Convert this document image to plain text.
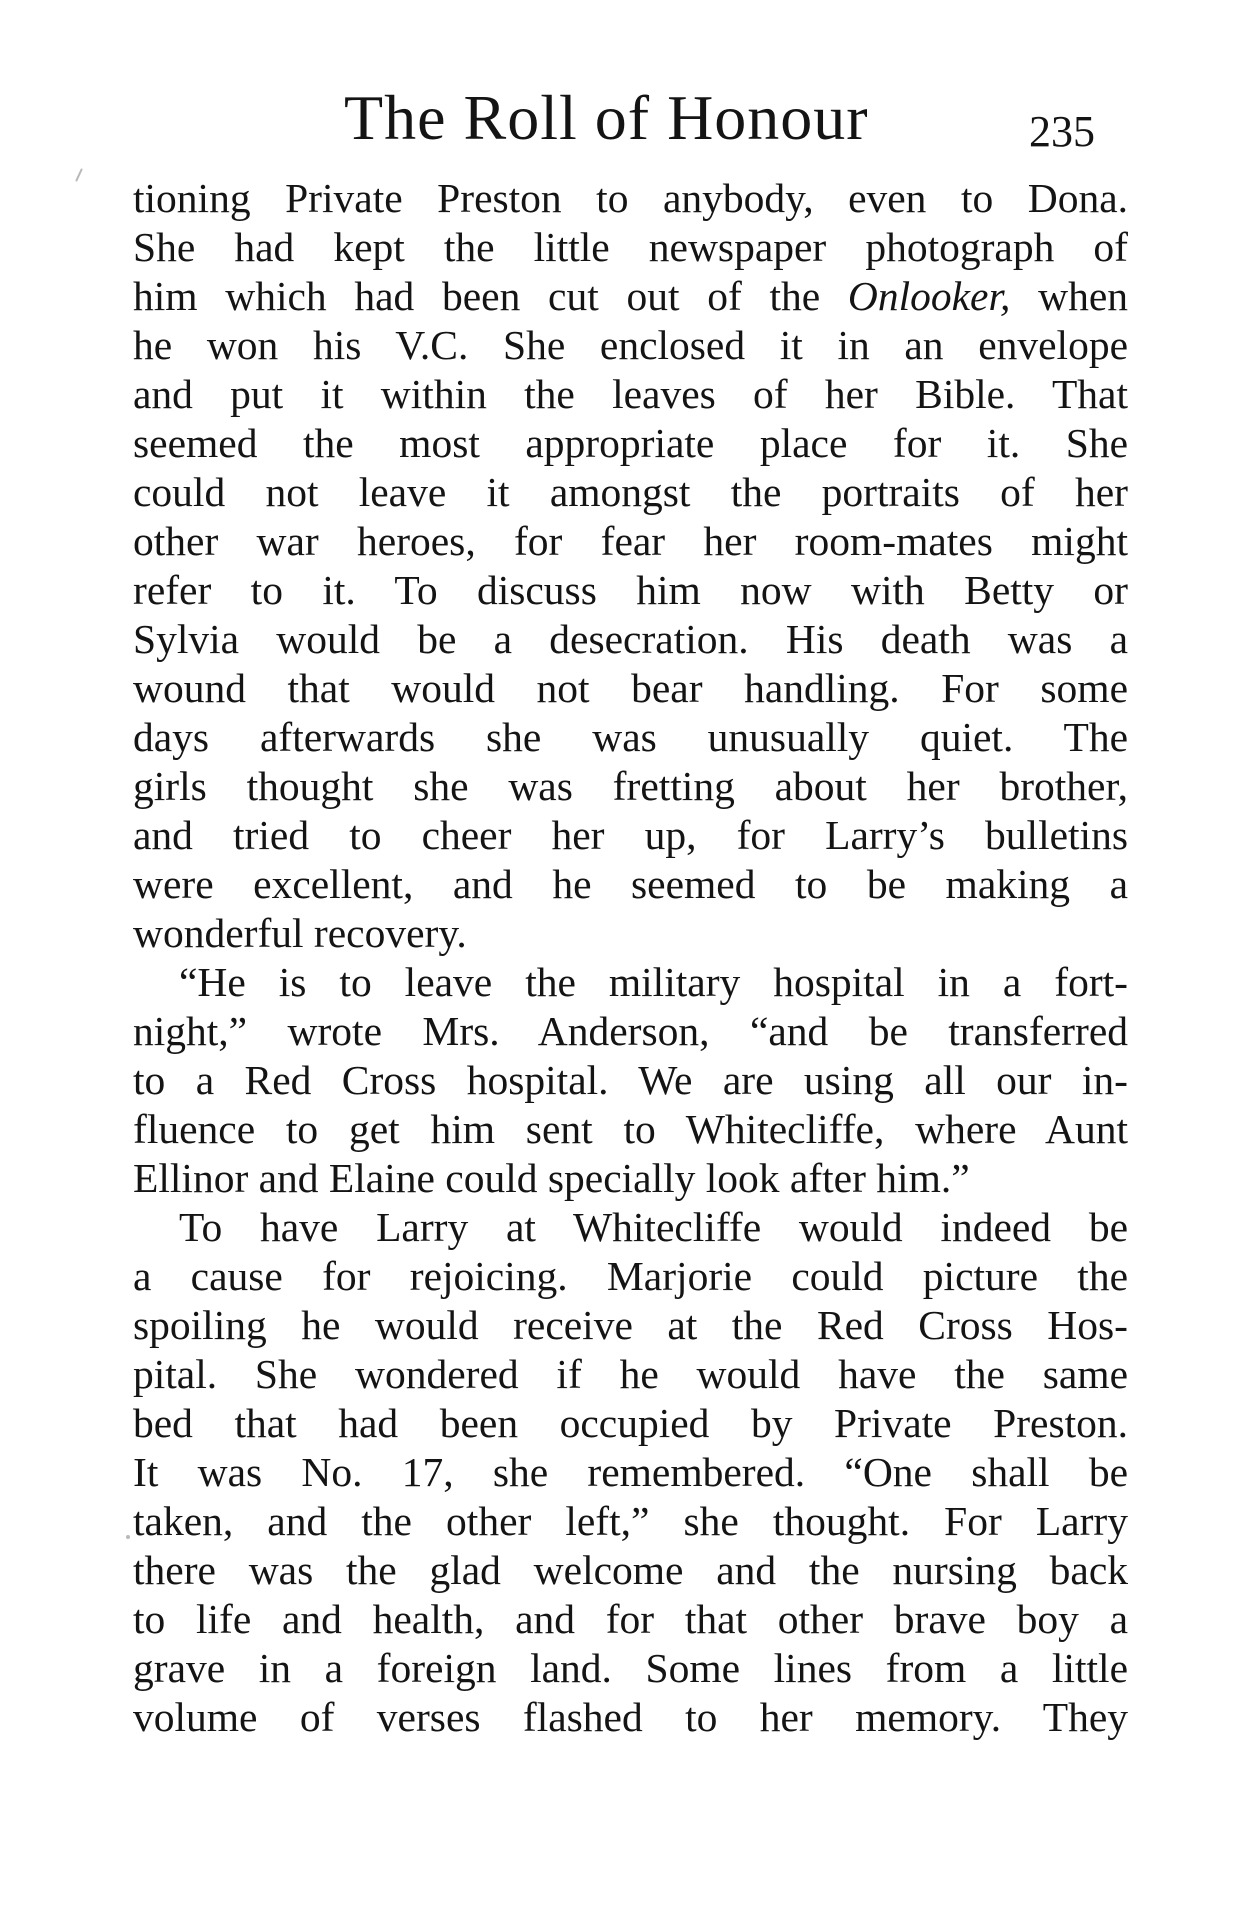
The Roll of Honour	235
tioning Private Preston to anybody, even to Dona.
She had kept the little newspaper photograph of
him which had been cut out of the Onlooker, when
he won his V.C. She enclosed it in an envelope
and put it within the leaves of her Bible. That
seemed the most appropriate place for it. She
could not leave it amongst the portraits of her
other war heroes, for fear her room-mates might
refer to it. To discuss him now with Betty or
Sylvia would be a desecration. His death was a
wound that would not bear handling. For some
days afterwards she was unusually quiet. The
girls thought she was fretting about her brother,
and tried to cheer her up, for Larry’s bulletins
were excellent, and he seemed to be making a
wonderful recovery.
“He is to leave the military hospital in a fort-
night,” wrote Mrs. Anderson, “and be transferred
to a Red Cross hospital. We are using all our in-
fluence to get him sent to Whitecliffe, where Aunt
Ellinor and Elaine could specially look after him.”
To have Larry at Whitecliffe would indeed be
a cause for rejoicing. Marjorie could picture the
spoiling he would receive at the Red Cross Hos-
pital. She wondered if he would have the same
bed that had been occupied by Private Preston.
It was No. 17, she remembered. “One shall be
taken, and the other left,” she thought. For Larry
there was the glad welcome and the nursing back
to life and health, and for that other brave boy a
grave in a foreign land. Some lines from a little
volume of verses flashed to her memory. They
